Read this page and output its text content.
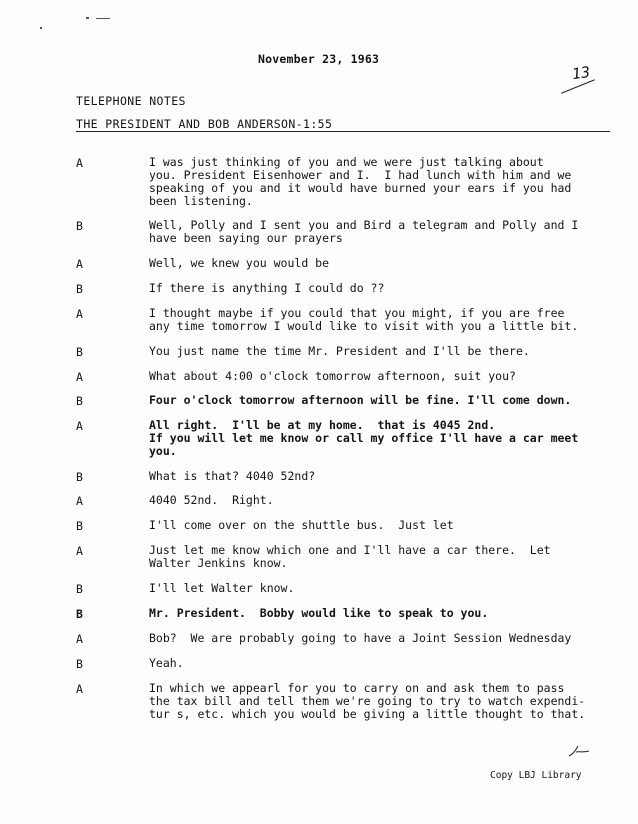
November 23, 1963
13
TELEPHONE NOTES
THE PRESIDENT AND BOB ANDERSON-1:55
A	I was just thinking of you and we were just talking about
you. President Eisenhower and I.  I had lunch with him and we
speaking of you and it would have burned your ears if you had
been listening.
B	Well, Polly and I sent you and Bird a telegram and Polly and I
have been saying our prayers
A	Well, we knew you would be
B	If there is anything I could do ??
A	I thought maybe if you could that you might, if you are free
any time tomorrow I would like to visit with you a little bit.
B	You just name the time Mr. President and I'll be there.
A	What about 4:00 o'clock tomorrow afternoon, suit you?
B	Four o'clock tomorrow afternoon will be fine. I'll come down.
A	All right.  I'll be at my home.  that is 4045 2nd.
If you will let me know or call my office I'll have a car meet
you.
B	What is that? 4040 52nd?
A	4040 52nd.  Right.
B	I'll come over on the shuttle bus.  Just let
A	Just let me know which one and I'll have a car there.  Let
Walter Jenkins know.
B	I'll let Walter know.
B	Mr. President.  Bobby would like to speak to you.
A	Bob?  We are probably going to have a Joint Session Wednesday
B	Yeah.
A	In which we appearl for you to carry on and ask them to pass
the tax bill and tell them we're going to try to watch expendi-
tur s, etc. which you would be giving a little thought to that.
Copy LBJ Library
